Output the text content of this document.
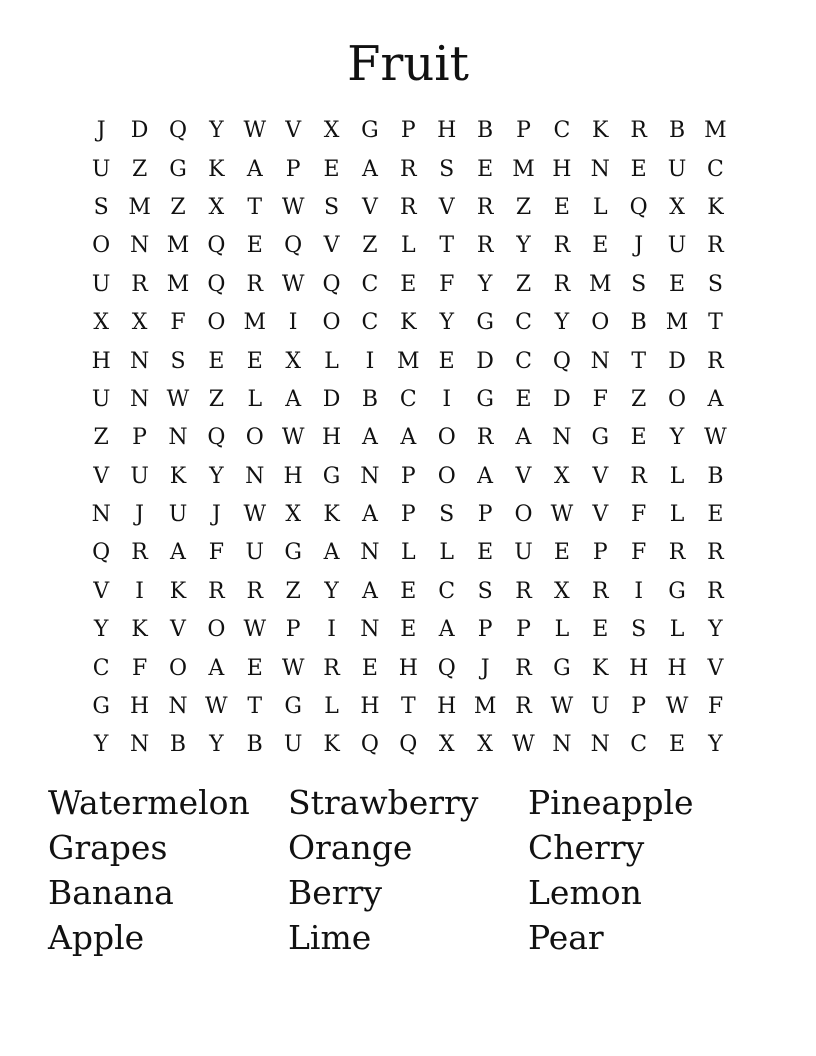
Fruit
J	D Q	Y W V	X G	P H B	P	C K R	B M
U Z G K	A	P	E	A	R	S	E M H N E U C
S M Z	X	T W S	V	R	V	R	Z	E	L	Q X	K
O N M Q E Q V	Z	L	T	R	Y	R	E	J	U R
U R M Q R W Q C E	F	Y	Z	R M S	E	S
X	X	F O M	I	O C K	Y	G C	Y	O B M T
H N S	E	E	X	L	I	M E D C Q N T	D R
U N W Z	L	A D B C	I	G E D F	Z O A
Z	P N Q O W H A	A O R	A N G E	Y W
V U K	Y N H G N P O A	V	X	V	R	L	B
N	J	U	J	W X	K	A	P	S	P O W V	F	L	E
Q R	A	F U G A N L	L	E U E	P	F	R R
V	I	K R R	Z	Y	A	E C	S	R	X	R	I	G R
Y	K	V O W P	I	N E	A	P	P	L	E	S	L	Y
C	F O A	E W R	E H Q	J	R G K H H V
G H N W T	G	L H T H M R W U P W F
Y N B	Y	B U K Q Q X	X W N N C E	Y
Watermelon	Strawberry	Pineapple
Grapes	Orange	Cherry
Banana	Berry	Lemon
Apple	Lime	Pear
